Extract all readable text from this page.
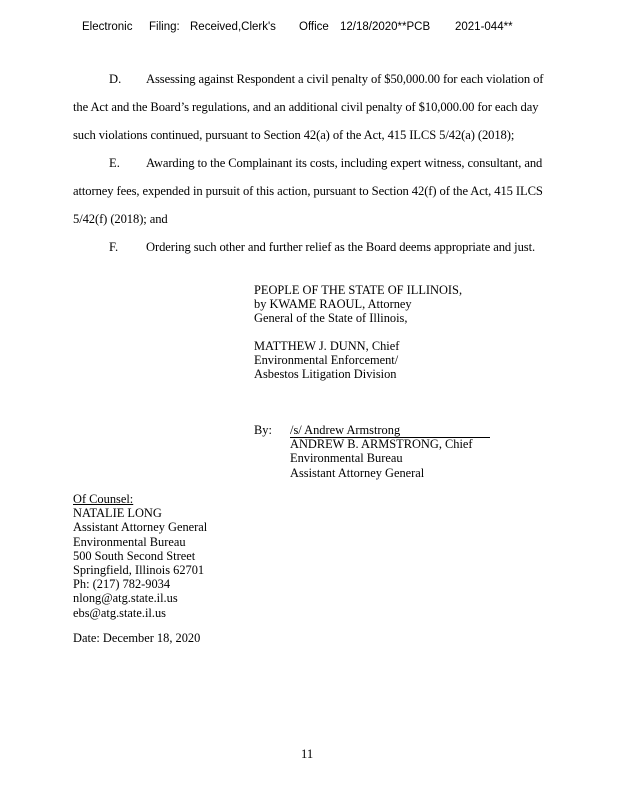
Electronic Filing: Received,Clerk's Office 12/18/2020**PCB 2021-044**
D. Assessing against Respondent a civil penalty of $50,000.00 for each violation of
the Act and the Board’s regulations, and an additional civil penalty of $10,000.00 for each day
such violations continued, pursuant to Section 42(a) of the Act, 415 ILCS 5/42(a) (2018);
E. Awarding to the Complainant its costs, including expert witness, consultant, and
attorney fees, expended in pursuit of this action, pursuant to Section 42(f) of the Act, 415 ILCS
5/42(f) (2018); and
F. Ordering such other and further relief as the Board deems appropriate and just.
PEOPLE OF THE STATE OF ILLINOIS,
by KWAME RAOUL, Attorney
General of the State of Illinois,
MATTHEW J. DUNN, Chief
Environmental Enforcement/
Asbestos Litigation Division
By: /s/ Andrew Armstrong
ANDREW B. ARMSTRONG, Chief
Environmental Bureau
Assistant Attorney General
Of Counsel:
NATALIE LONG
Assistant Attorney General
Environmental Bureau
500 South Second Street
Springfield, Illinois 62701
Ph: (217) 782-9034
nlong@atg.state.il.us
ebs@atg.state.il.us
Date: December 18, 2020
11
